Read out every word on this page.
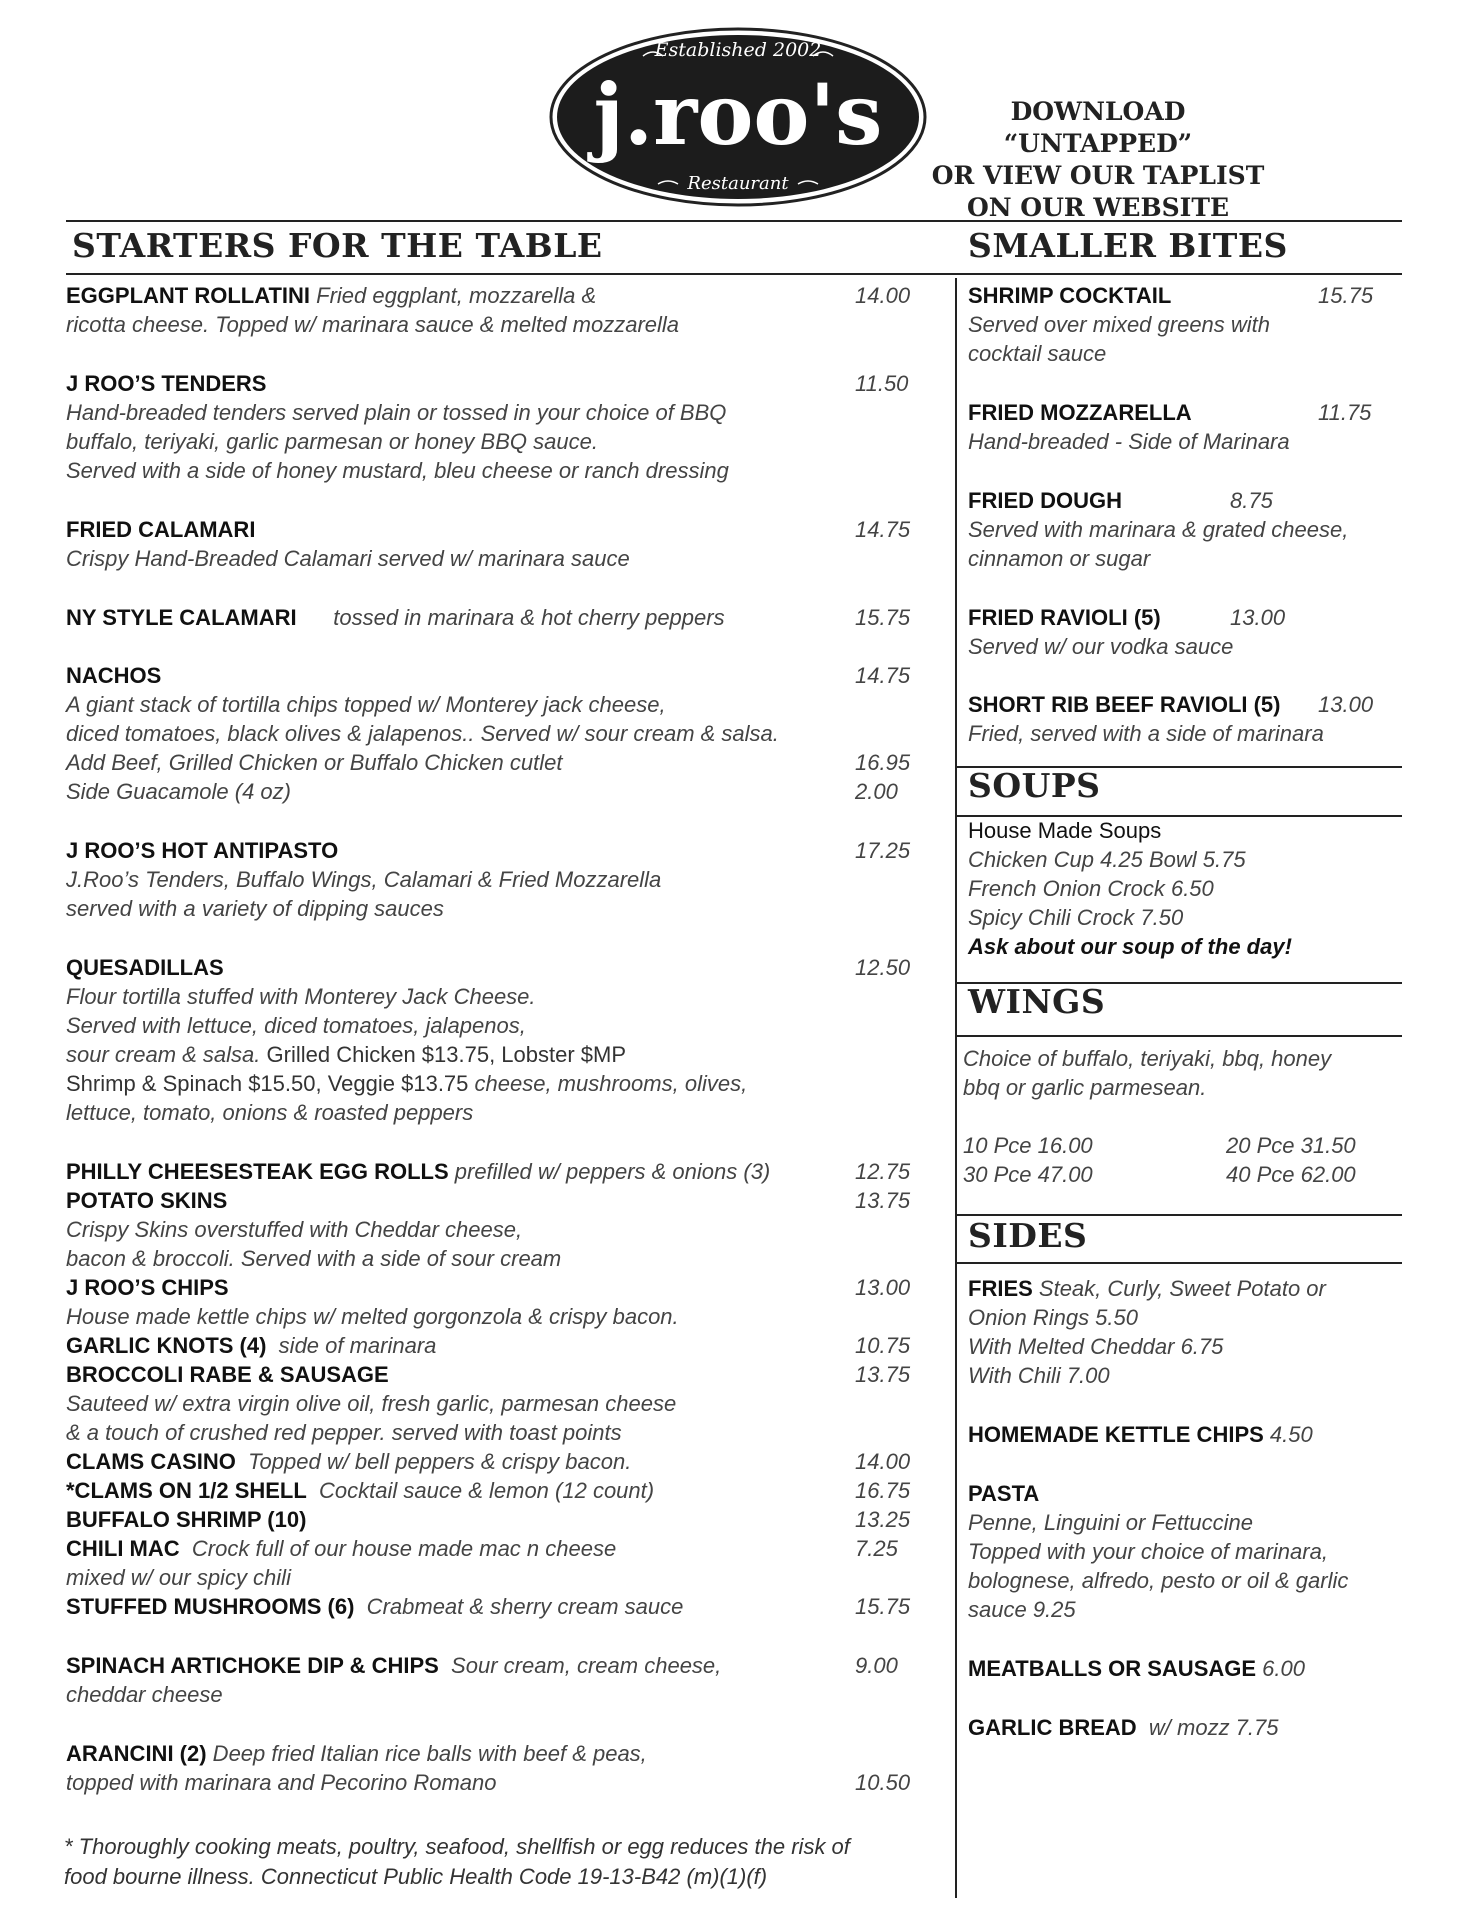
Established 2002
j.roo's
Restaurant
DOWNLOAD “UNTAPPED”
OR VIEW OUR TAPLIST
ON OUR WEBSITE
STARTERS FOR THE TABLE	SMALLER BITES
SOUPS
WINGS
SIDES
EGGPLANT ROLLATINI Fried eggplant, mozzarella &	14.00
ricotta cheese. Topped w/ marinara sauce & melted mozzarella
J ROO’S TENDERS	11.50
Hand-breaded tenders served plain or tossed in your choice of BBQ
buffalo, teriyaki, garlic parmesan or honey BBQ sauce.
Served with a side of honey mustard, bleu cheese or ranch dressing
FRIED CALAMARI	14.75
Crispy Hand-Breaded Calamari served w/ marinara sauce
NY STYLE CALAMARI      tossed in marinara & hot cherry peppers	15.75
NACHOS	14.75
A giant stack of tortilla chips topped w/ Monterey jack cheese,
diced tomatoes, black olives & jalapenos.. Served w/ sour cream & salsa.
Add Beef, Grilled Chicken or Buffalo Chicken cutlet	16.95
Side Guacamole (4 oz)	2.00
J ROO’S HOT ANTIPASTO	17.25
J.Roo’s Tenders, Buffalo Wings, Calamari & Fried Mozzarella
served with a variety of dipping sauces
QUESADILLAS	12.50
Flour tortilla stuffed with Monterey Jack Cheese.
Served with lettuce, diced tomatoes, jalapenos,
sour cream & salsa. Grilled Chicken $13.75, Lobster $MP
Shrimp & Spinach $15.50, Veggie $13.75 cheese, mushrooms, olives,
lettuce, tomato, onions & roasted peppers
PHILLY CHEESESTEAK EGG ROLLS prefilled w/ peppers & onions (3)	12.75
POTATO SKINS	13.75
Crispy Skins overstuffed with Cheddar cheese,
bacon & broccoli. Served with a side of sour cream
J ROO’S CHIPS	13.00
House made kettle chips w/ melted gorgonzola & crispy bacon.
GARLIC KNOTS (4)  side of marinara	10.75
BROCCOLI RABE & SAUSAGE	13.75
Sauteed w/ extra virgin olive oil, fresh garlic, parmesan cheese
& a touch of crushed red pepper. served with toast points
CLAMS CASINO  Topped w/ bell peppers & crispy bacon.	14.00
*CLAMS ON 1/2 SHELL  Cocktail sauce & lemon (12 count)	16.75
BUFFALO SHRIMP (10)	13.25
CHILI MAC  Crock full of our house made mac n cheese	7.25
mixed w/ our spicy chili
STUFFED MUSHROOMS (6)  Crabmeat & sherry cream sauce	15.75
SPINACH ARTICHOKE DIP & CHIPS  Sour cream, cream cheese,	9.00
cheddar cheese
ARANCINI (2) Deep fried Italian rice balls with beef & peas,
topped with marinara and Pecorino Romano	10.50
* Thoroughly cooking meats, poultry, seafood, shellfish or egg reduces the risk of
food bourne illness. Connecticut Public Health Code 19-13-B42 (m)(1)(f)
SHRIMP COCKTAIL	15.75
Served over mixed greens with
cocktail sauce
FRIED MOZZARELLA	11.75
Hand-breaded - Side of Marinara
FRIED DOUGH	8.75
Served with marinara & grated cheese,
cinnamon or sugar
FRIED RAVIOLI (5)	13.00
Served w/ our vodka sauce
SHORT RIB BEEF RAVIOLI (5) 13.00
Fried, served with a side of marinara
House Made Soups
Chicken Cup 4.25 Bowl 5.75
French Onion Crock 6.50
Spicy Chili Crock 7.50
Ask about our soup of the day!
Choice of buffalo, teriyaki, bbq, honey
bbq or garlic parmesean.
10 Pce 16.00	20 Pce 31.50
30 Pce 47.00	40 Pce 62.00
FRIES Steak, Curly, Sweet Potato or
Onion Rings 5.50
With Melted Cheddar 6.75
With Chili 7.00
HOMEMADE KETTLE CHIPS 4.50
PASTA
Penne, Linguini or Fettuccine
Topped with your choice of marinara,
bolognese, alfredo, pesto or oil & garlic
sauce 9.25
MEATBALLS OR SAUSAGE 6.00
GARLIC BREAD  w/ mozz 7.75
